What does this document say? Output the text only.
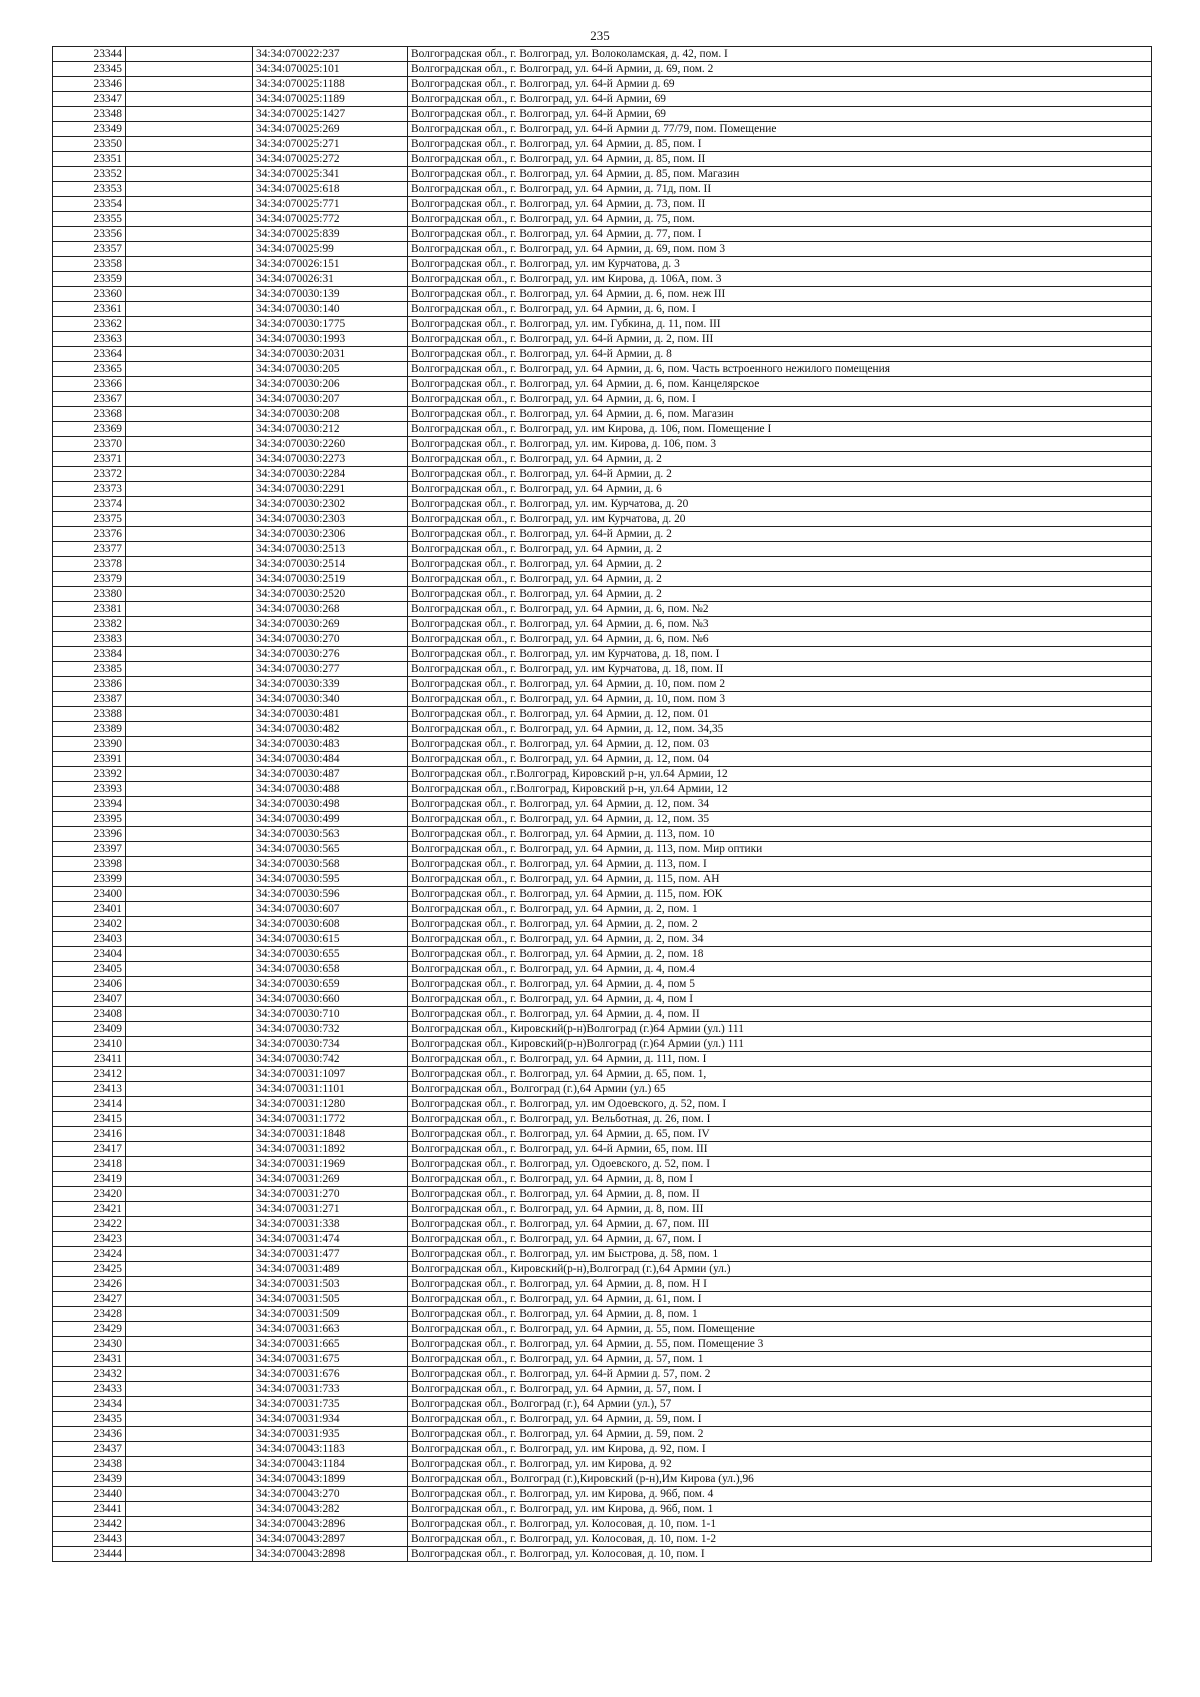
235
23344		34:34:070022:237	Волгоградская обл., г. Волгоград, ул. Волоколамская, д. 42, пом. I
23345		34:34:070025:101	Волгоградская обл., г. Волгоград, ул. 64-й Армии, д. 69, пом. 2
23346		34:34:070025:1188	Волгоградская обл., г. Волгоград, ул. 64-й Армии д. 69
23347		34:34:070025:1189	Волгоградская обл., г. Волгоград, ул. 64-й Армии, 69
23348		34:34:070025:1427	Волгоградская обл., г. Волгоград, ул. 64-й Армии, 69
23349		34:34:070025:269	Волгоградская обл., г. Волгоград, ул. 64-й Армии д. 77/79, пом. Помещение
23350		34:34:070025:271	Волгоградская обл., г. Волгоград, ул. 64 Армии, д. 85, пом. I
23351		34:34:070025:272	Волгоградская обл., г. Волгоград, ул. 64 Армии, д. 85, пом. II
23352		34:34:070025:341	Волгоградская обл., г. Волгоград, ул. 64 Армии, д. 85, пом. Магазин
23353		34:34:070025:618	Волгоградская обл., г. Волгоград, ул. 64 Армии, д. 71д, пом. II
23354		34:34:070025:771	Волгоградская обл., г. Волгоград, ул. 64 Армии, д. 73, пом. II
23355		34:34:070025:772	Волгоградская обл., г. Волгоград, ул. 64 Армии, д. 75, пом.
23356		34:34:070025:839	Волгоградская обл., г. Волгоград, ул. 64 Армии, д. 77, пом. I
23357		34:34:070025:99	Волгоградская обл., г. Волгоград, ул. 64 Армии, д. 69, пом. пом 3
23358		34:34:070026:151	Волгоградская обл., г. Волгоград, ул. им Курчатова, д. 3
23359		34:34:070026:31	Волгоградская обл., г. Волгоград, ул. им Кирова, д. 106А, пом. 3
23360		34:34:070030:139	Волгоградская обл., г. Волгоград, ул. 64 Армии, д. 6, пом. неж III
23361		34:34:070030:140	Волгоградская обл., г. Волгоград, ул. 64 Армии, д. 6, пом. I
23362		34:34:070030:1775	Волгоградская обл., г. Волгоград, ул. им. Губкина, д. 11, пом. III
23363		34:34:070030:1993	Волгоградская обл., г. Волгоград, ул. 64-й Армии, д. 2, пом. III
23364		34:34:070030:2031	Волгоградская обл., г. Волгоград, ул. 64-й Армии, д. 8
23365		34:34:070030:205	Волгоградская обл., г. Волгоград, ул. 64 Армии, д. 6, пом. Часть встроенного нежилого помещения
23366		34:34:070030:206	Волгоградская обл., г. Волгоград, ул. 64 Армии, д. 6, пом. Канцелярское
23367		34:34:070030:207	Волгоградская обл., г. Волгоград, ул. 64 Армии, д. 6, пом. I
23368		34:34:070030:208	Волгоградская обл., г. Волгоград, ул. 64 Армии, д. 6, пом. Магазин
23369		34:34:070030:212	Волгоградская обл., г. Волгоград, ул. им Кирова, д. 106, пом. Помещение I
23370		34:34:070030:2260	Волгоградская обл., г. Волгоград, ул. им. Кирова, д. 106, пом. 3
23371		34:34:070030:2273	Волгоградская обл., г. Волгоград, ул. 64 Армии, д. 2
23372		34:34:070030:2284	Волгоградская обл., г. Волгоград, ул. 64-й Армии, д. 2
23373		34:34:070030:2291	Волгоградская обл., г. Волгоград, ул. 64 Армии, д. 6
23374		34:34:070030:2302	Волгоградская обл., г. Волгоград, ул. им. Курчатова, д. 20
23375		34:34:070030:2303	Волгоградская обл., г. Волгоград, ул. им Курчатова, д. 20
23376		34:34:070030:2306	Волгоградская обл., г. Волгоград, ул. 64-й Армии, д. 2
23377		34:34:070030:2513	Волгоградская обл., г. Волгоград, ул. 64 Армии, д. 2
23378		34:34:070030:2514	Волгоградская обл., г. Волгоград, ул. 64 Армии, д. 2
23379		34:34:070030:2519	Волгоградская обл., г. Волгоград, ул. 64 Армии, д. 2
23380		34:34:070030:2520	Волгоградская обл., г. Волгоград, ул. 64 Армии, д. 2
23381		34:34:070030:268	Волгоградская обл., г. Волгоград, ул. 64 Армии, д. 6, пом. №2
23382		34:34:070030:269	Волгоградская обл., г. Волгоград, ул. 64 Армии, д. 6, пом. №3
23383		34:34:070030:270	Волгоградская обл., г. Волгоград, ул. 64 Армии, д. 6, пом. №6
23384		34:34:070030:276	Волгоградская обл., г. Волгоград, ул. им Курчатова, д. 18, пом. I
23385		34:34:070030:277	Волгоградская обл., г. Волгоград, ул. им Курчатова, д. 18, пом. II
23386		34:34:070030:339	Волгоградская обл., г. Волгоград, ул. 64 Армии, д. 10, пом. пом 2
23387		34:34:070030:340	Волгоградская обл., г. Волгоград, ул. 64 Армии, д. 10, пом. пом 3
23388		34:34:070030:481	Волгоградская обл., г. Волгоград, ул. 64 Армии, д. 12, пом. 01
23389		34:34:070030:482	Волгоградская обл., г. Волгоград, ул. 64 Армии, д. 12, пом. 34,35
23390		34:34:070030:483	Волгоградская обл., г. Волгоград, ул. 64 Армии, д. 12, пом. 03
23391		34:34:070030:484	Волгоградская обл., г. Волгоград, ул. 64 Армии, д. 12, пом. 04
23392		34:34:070030:487	Волгоградская обл., г.Волгоград, Кировский р-н, ул.64 Армии, 12
23393		34:34:070030:488	Волгоградская обл., г.Волгоград, Кировский р-н, ул.64 Армии, 12
23394		34:34:070030:498	Волгоградская обл., г. Волгоград, ул. 64 Армии, д. 12, пом. 34
23395		34:34:070030:499	Волгоградская обл., г. Волгоград, ул. 64 Армии, д. 12, пом. 35
23396		34:34:070030:563	Волгоградская обл., г. Волгоград, ул. 64 Армии, д. 113, пом. 10
23397		34:34:070030:565	Волгоградская обл., г. Волгоград, ул. 64 Армии, д. 113, пом. Мир оптики
23398		34:34:070030:568	Волгоградская обл., г. Волгоград, ул. 64 Армии, д. 113, пом. I
23399		34:34:070030:595	Волгоградская обл., г. Волгоград, ул. 64 Армии, д. 115, пом. АН
23400		34:34:070030:596	Волгоградская обл., г. Волгоград, ул. 64 Армии, д. 115, пом. ЮК
23401		34:34:070030:607	Волгоградская обл., г. Волгоград, ул. 64 Армии, д. 2, пом. 1
23402		34:34:070030:608	Волгоградская обл., г. Волгоград, ул. 64 Армии, д. 2, пом. 2
23403		34:34:070030:615	Волгоградская обл., г. Волгоград, ул. 64 Армии, д. 2, пом. 34
23404		34:34:070030:655	Волгоградская обл., г. Волгоград, ул. 64 Армии, д. 2, пом. 18
23405		34:34:070030:658	Волгоградская обл., г. Волгоград, ул. 64 Армии, д. 4, пом.4
23406		34:34:070030:659	Волгоградская обл., г. Волгоград, ул. 64 Армии, д. 4, пом 5
23407		34:34:070030:660	Волгоградская обл., г. Волгоград, ул. 64 Армии, д. 4, пом I
23408		34:34:070030:710	Волгоградская обл., г. Волгоград, ул. 64 Армии, д. 4, пом. II
23409		34:34:070030:732	Волгоградская обл., Кировский(р-н)Волгоград (г.)64 Армии (ул.) 111
23410		34:34:070030:734	Волгоградская обл., Кировский(р-н)Волгоград (г.)64 Армии (ул.) 111
23411		34:34:070030:742	Волгоградская обл., г. Волгоград, ул. 64 Армии, д. 111, пом. I
23412		34:34:070031:1097	Волгоградская обл., г. Волгоград, ул. 64 Армии, д. 65, пом. 1,
23413		34:34:070031:1101	Волгоградская обл., Волгоград (г.),64 Армии (ул.) 65
23414		34:34:070031:1280	Волгоградская обл., г. Волгоград, ул. им Одоевского, д. 52, пом. I
23415		34:34:070031:1772	Волгоградская обл., г. Волгоград, ул. Вельботная, д. 26, пом. I
23416		34:34:070031:1848	Волгоградская обл., г. Волгоград, ул. 64 Армии, д. 65, пом. IV
23417		34:34:070031:1892	Волгоградская обл., г. Волгоград, ул. 64-й Армии, 65, пом. III
23418		34:34:070031:1969	Волгоградская обл., г. Волгоград, ул. Одоевского, д. 52, пом. I
23419		34:34:070031:269	Волгоградская обл., г. Волгоград, ул. 64 Армии, д. 8, пом I
23420		34:34:070031:270	Волгоградская обл., г. Волгоград, ул. 64 Армии, д. 8, пом. II
23421		34:34:070031:271	Волгоградская обл., г. Волгоград, ул. 64 Армии, д. 8, пом. III
23422		34:34:070031:338	Волгоградская обл., г. Волгоград, ул. 64 Армии, д. 67, пом. III
23423		34:34:070031:474	Волгоградская обл., г. Волгоград, ул. 64 Армии, д. 67, пом. I
23424		34:34:070031:477	Волгоградская обл., г. Волгоград, ул. им Быстрова, д. 58, пом. 1
23425		34:34:070031:489	Волгоградская обл., Кировский(р-н),Волгоград (г.),64 Армии (ул.)
23426		34:34:070031:503	Волгоградская обл., г. Волгоград, ул. 64 Армии, д. 8, пом. Н I
23427		34:34:070031:505	Волгоградская обл., г. Волгоград, ул. 64 Армии, д. 61, пом. I
23428		34:34:070031:509	Волгоградская обл., г. Волгоград, ул. 64 Армии, д. 8, пом. 1
23429		34:34:070031:663	Волгоградская обл., г. Волгоград, ул. 64 Армии, д. 55, пом. Помещение
23430		34:34:070031:665	Волгоградская обл., г. Волгоград, ул. 64 Армии, д. 55, пом. Помещение 3
23431		34:34:070031:675	Волгоградская обл., г. Волгоград, ул. 64 Армии, д. 57, пом. 1
23432		34:34:070031:676	Волгоградская обл., г. Волгоград, ул. 64-й Армии д. 57, пом. 2
23433		34:34:070031:733	Волгоградская обл., г. Волгоград, ул. 64 Армии, д. 57, пом. I
23434		34:34:070031:735	Волгоградская обл., Волгоград (г.), 64 Армии (ул.), 57
23435		34:34:070031:934	Волгоградская обл., г. Волгоград, ул. 64 Армии, д. 59, пом. I
23436		34:34:070031:935	Волгоградская обл., г. Волгоград, ул. 64 Армии, д. 59, пом. 2
23437		34:34:070043:1183	Волгоградская обл., г. Волгоград, ул. им Кирова, д. 92, пом. I
23438		34:34:070043:1184	Волгоградская обл., г. Волгоград, ул. им Кирова, д. 92
23439		34:34:070043:1899	Волгоградская обл., Волгоград (г.),Кировский (р-н),Им Кирова (ул.),96
23440		34:34:070043:270	Волгоградская обл., г. Волгоград, ул. им Кирова, д. 96б, пом. 4
23441		34:34:070043:282	Волгоградская обл., г. Волгоград, ул. им Кирова, д. 96б, пом. 1
23442		34:34:070043:2896	Волгоградская обл., г. Волгоград, ул. Колосовая, д. 10, пом. 1-1
23443		34:34:070043:2897	Волгоградская обл., г. Волгоград, ул. Колосовая, д. 10, пом. 1-2
23444		34:34:070043:2898	Волгоградская обл., г. Волгоград, ул. Колосовая, д. 10, пом. I
